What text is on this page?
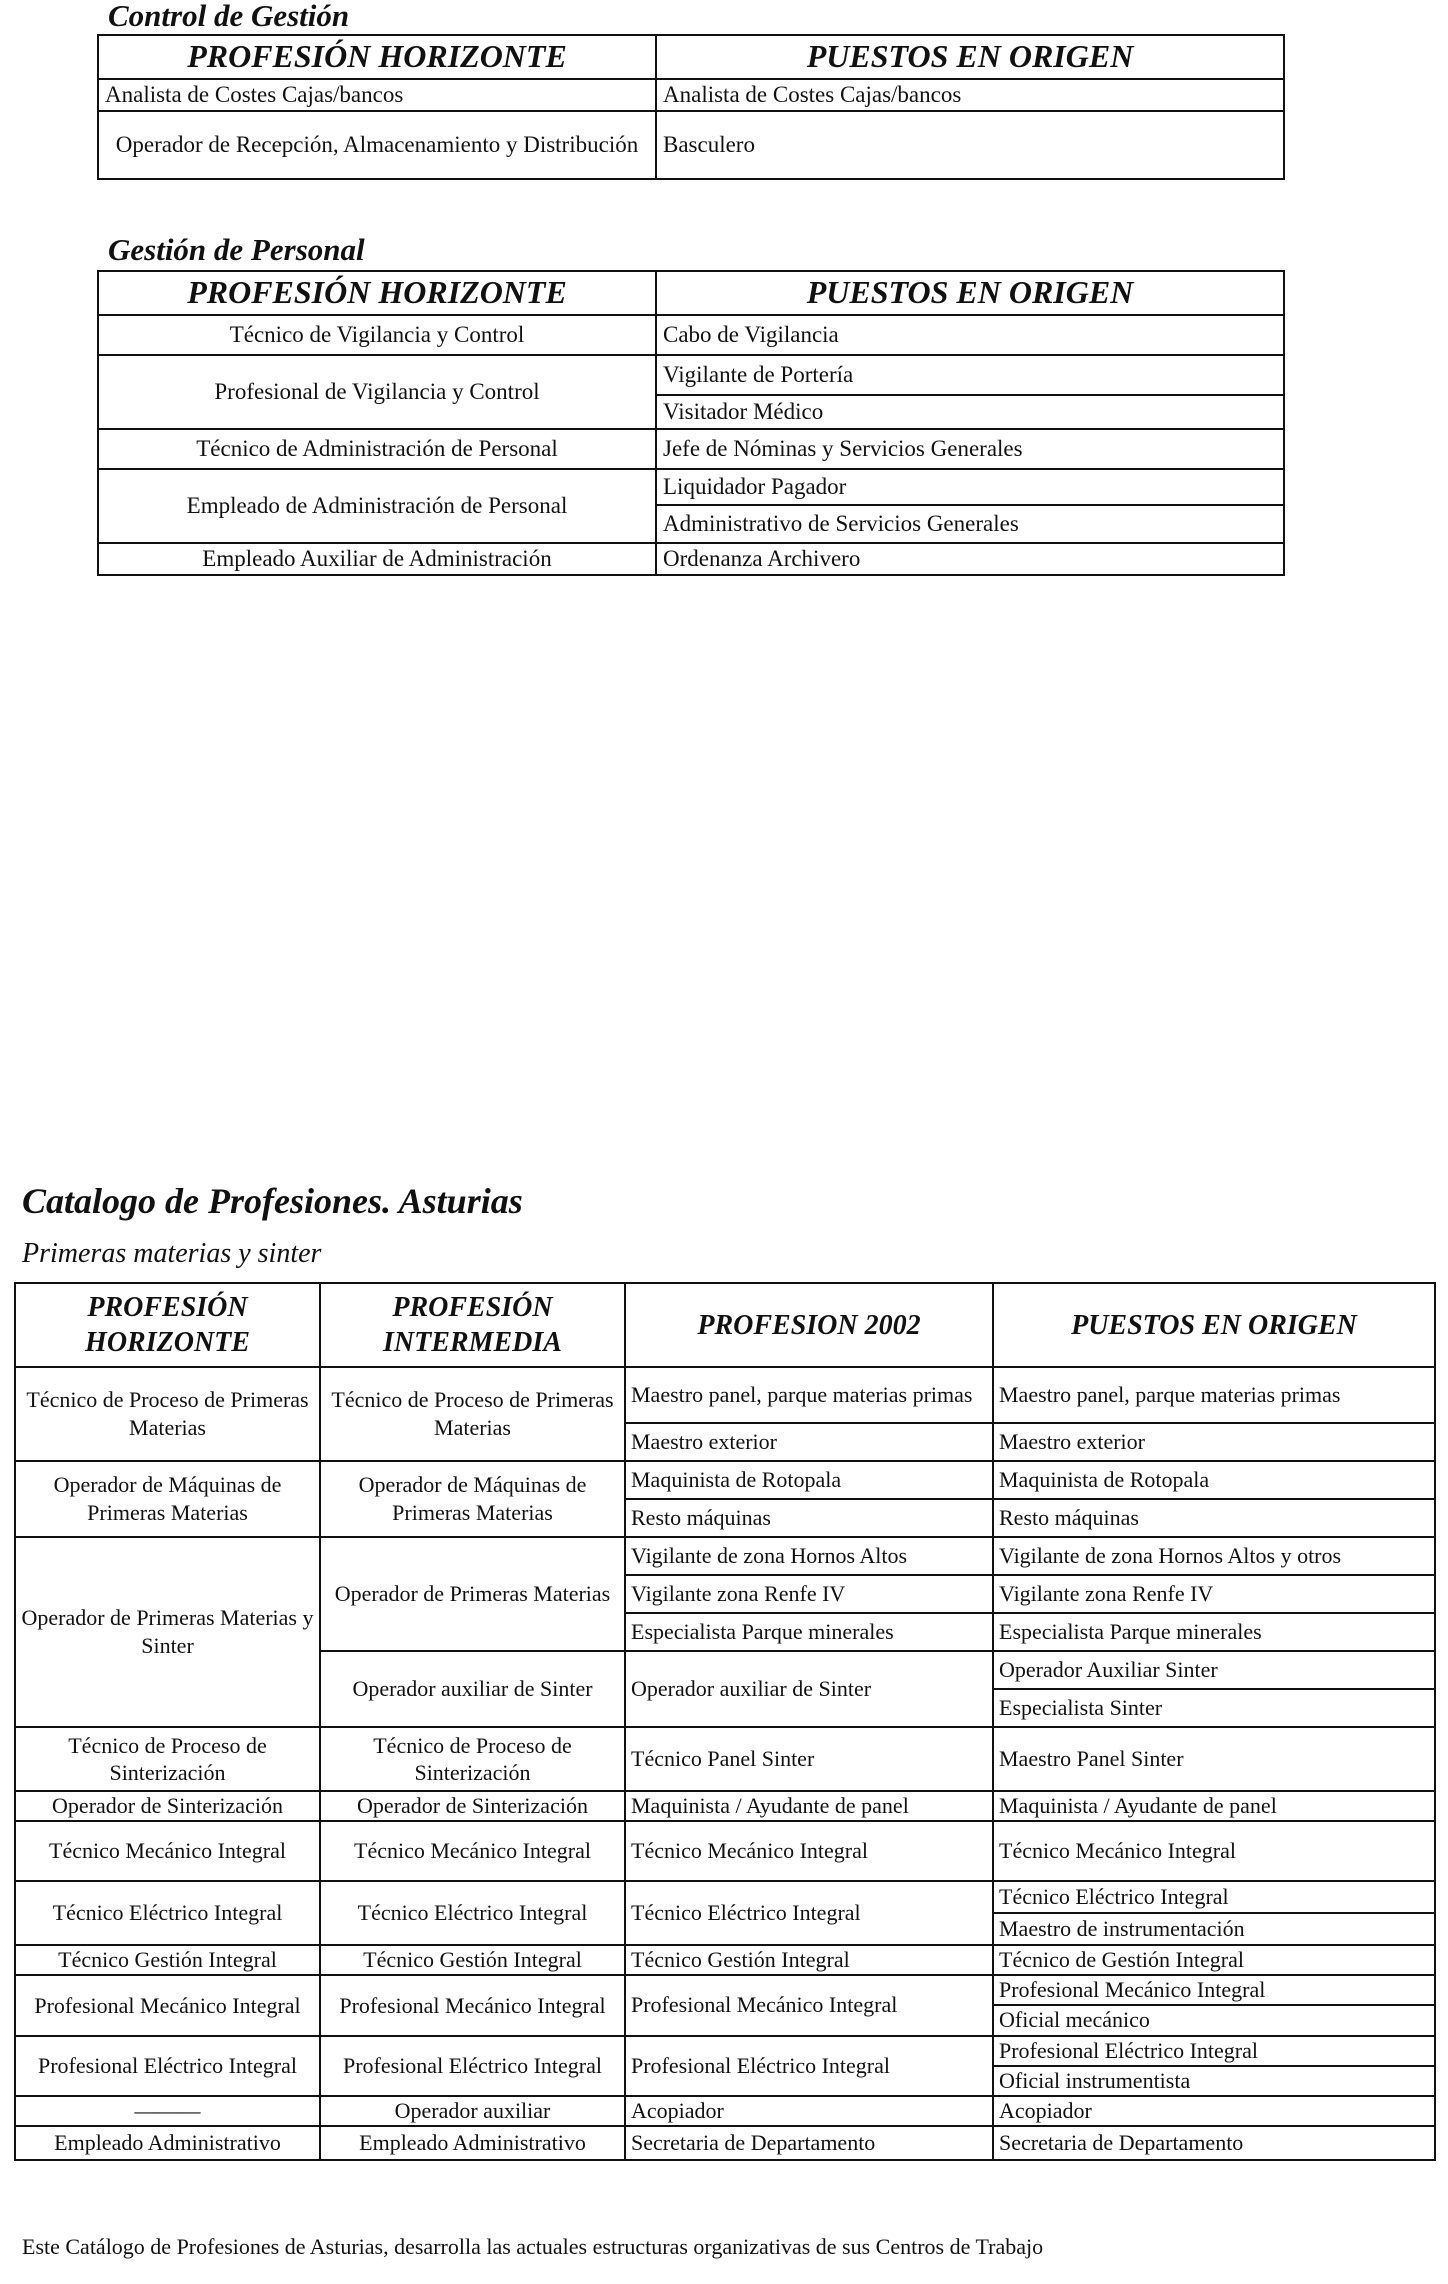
Control de Gestión
PROFESIÓN HORIZONTE	PUESTOS EN ORIGEN
Analista de Costes Cajas/bancos	Analista de Costes Cajas/bancos
Operador de Recepción, Almacenamiento y Distribución	Basculero
Gestión de Personal
PROFESIÓN HORIZONTE	PUESTOS EN ORIGEN
Técnico de Vigilancia y Control	Cabo de Vigilancia
Profesional de Vigilancia y Control	Vigilante de Portería
	Visitador Médico
Técnico de Administración de Personal	Jefe de Nóminas y Servicios Generales
Empleado de Administración de Personal	Liquidador Pagador
	Administrativo de Servicios Generales
Empleado Auxiliar de Administración	Ordenanza Archivero
Catalogo de Profesiones. Asturias
Primeras materias y sinter
PROFESIÓN HORIZONTE	PROFESIÓN INTERMEDIA	PROFESION 2002	PUESTOS EN ORIGEN
Técnico de Proceso de Primeras Materias	Técnico de Proceso de Primeras Materias	Maestro panel, parque materias primas	Maestro panel, parque materias primas
		Maestro exterior	Maestro exterior
Operador de Máquinas de Primeras Materias	Operador de Máquinas de Primeras Materias	Maquinista de Rotopala	Maquinista de Rotopala
		Resto máquinas	Resto máquinas
Operador de Primeras Materias y Sinter	Operador de Primeras Materias	Vigilante de zona Hornos Altos	Vigilante de zona Hornos Altos y otros
		Vigilante zona Renfe IV	Vigilante zona Renfe IV
		Especialista Parque minerales	Especialista Parque minerales
	Operador auxiliar de Sinter	Operador auxiliar de Sinter	Operador Auxiliar Sinter
			Especialista Sinter
Técnico de Proceso de Sinterización	Técnico de Proceso de Sinterización	Técnico Panel Sinter	Maestro Panel Sinter
Operador de Sinterización	Operador de Sinterización	Maquinista / Ayudante de panel	Maquinista / Ayudante de panel
Técnico Mecánico Integral	Técnico Mecánico Integral	Técnico Mecánico Integral	Técnico Mecánico Integral
Técnico Eléctrico Integral	Técnico Eléctrico Integral	Técnico Eléctrico Integral	Técnico Eléctrico Integral
			Maestro de instrumentación
Técnico Gestión Integral	Técnico Gestión Integral	Técnico Gestión Integral	Técnico de Gestión Integral
Profesional Mecánico Integral	Profesional Mecánico Integral	Profesional Mecánico Integral	Profesional Mecánico Integral
			Oficial mecánico
Profesional Eléctrico Integral	Profesional Eléctrico Integral	Profesional Eléctrico Integral	Profesional Eléctrico Integral
			Oficial instrumentista
———	Operador auxiliar	Acopiador	Acopiador
Empleado Administrativo	Empleado Administrativo	Secretaria de Departamento	Secretaria de Departamento
Este Catálogo de Profesiones de Asturias, desarrolla las actuales estructuras organizativas de sus Centros de Trabajo
